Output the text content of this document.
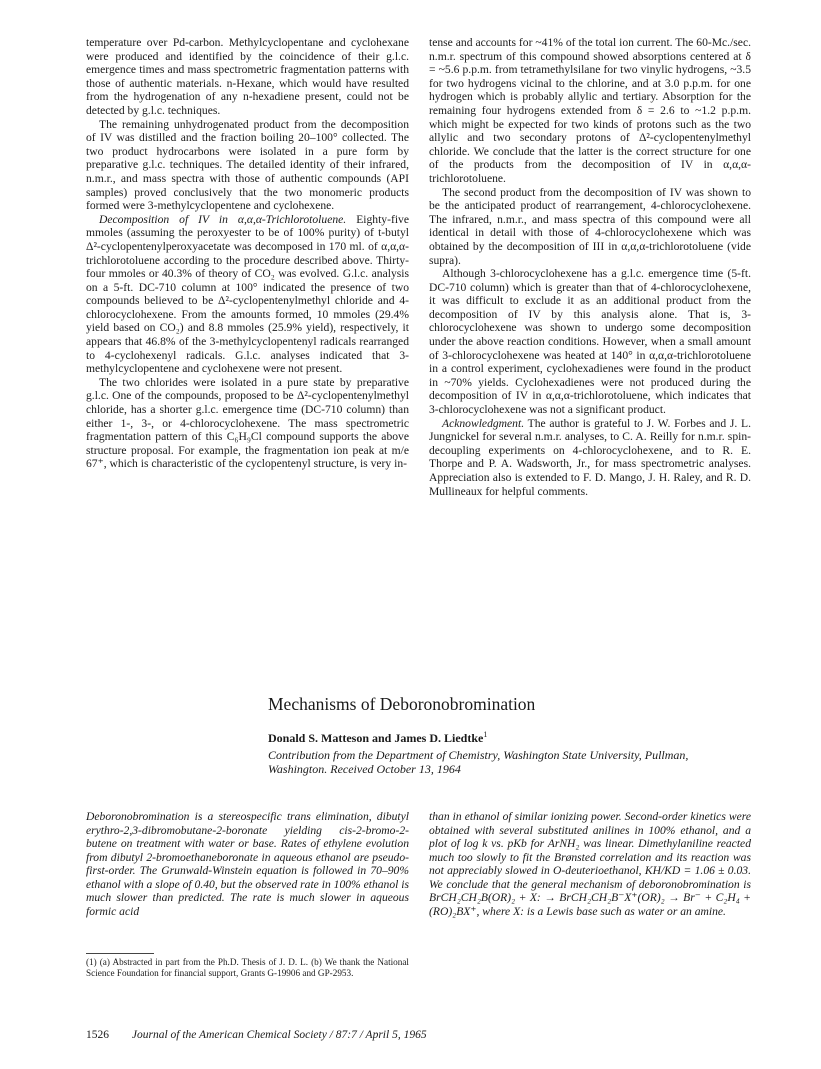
temperature over Pd-carbon. Methylcyclopentane and cyclohexane were produced and identified by the coincidence of their g.l.c. emergence times and mass spectrometric fragmentation patterns with those of authentic materials. n-Hexane, which would have resulted from the hydrogenation of any n-hexadiene present, could not be detected by g.l.c. techniques.

The remaining unhydrogenated product from the decomposition of IV was distilled and the fraction boiling 20–100° collected. The two product hydrocarbons were isolated in a pure form by preparative g.l.c. techniques. The detailed identity of their infrared, n.m.r., and mass spectra with those of authentic compounds (API samples) proved conclusively that the two monomeric products formed were 3-methylcyclopentene and cyclohexene.

Decomposition of IV in α,α,α-Trichlorotoluene. Eighty-five mmoles (assuming the peroxyester to be of 100% purity) of t-butyl Δ²-cyclopentenylperoxyacetate was decomposed in 170 ml. of α,α,α-trichlorotoluene according to the procedure described above. Thirty-four mmoles or 40.3% of theory of CO₂ was evolved. G.l.c. analysis on a 5-ft. DC-710 column at 100° indicated the presence of two compounds believed to be Δ²-cyclopentenylmethyl chloride and 4-chlorocyclohexene. From the amounts formed, 10 mmoles (29.4% yield based on CO₂) and 8.8 mmoles (25.9% yield), respectively, it appears that 46.8% of the 3-methylcyclopentenyl radicals rearranged to 4-cyclohexenyl radicals. G.l.c. analyses indicated that 3-methylcyclopentene and cyclohexene were not present.

The two chlorides were isolated in a pure state by preparative g.l.c. One of the compounds, proposed to be Δ²-cyclopentenylmethyl chloride, has a shorter g.l.c. emergence time (DC-710 column) than either 1-, 3-, or 4-chlorocyclohexene. The mass spectrometric fragmentation pattern of this C₆H₉Cl compound supports the above structure proposal. For example, the fragmentation ion peak at m/e 67⁺, which is characteristic of the cyclopentenyl structure, is very in-

tense and accounts for ~41% of the total ion current. The 60-Mc./sec. n.m.r. spectrum of this compound showed absorptions centered at δ = ~5.6 p.p.m. from tetramethylsilane for two vinylic hydrogens, ~3.5 for two hydrogens vicinal to the chlorine, and at 3.0 p.p.m. for one hydrogen which is probably allylic and tertiary. Absorption for the remaining four hydrogens extended from δ = 2.6 to ~1.2 p.p.m. which might be expected for two kinds of protons such as the two allylic and two secondary protons of Δ²-cyclopentenylmethyl chloride. We conclude that the latter is the correct structure for one of the products from the decomposition of IV in α,α,α-trichlorotoluene.

The second product from the decomposition of IV was shown to be the anticipated product of rearrangement, 4-chlorocyclohexene. The infrared, n.m.r., and mass spectra of this compound were all identical in detail with those of 4-chlorocyclohexene which was obtained by the decomposition of III in α,α,α-trichlorotoluene (vide supra).

Although 3-chlorocyclohexene has a g.l.c. emergence time (5-ft. DC-710 column) which is greater than that of 4-chlorocyclohexene, it was difficult to exclude it as an additional product from the decomposition of IV by this analysis alone. That is, 3-chlorocyclohexene was shown to undergo some decomposition under the above reaction conditions. However, when a small amount of 3-chlorocyclohexene was heated at 140° in α,α,α-trichlorotoluene in a control experiment, cyclohexadienes were found in the product in ~70% yields. Cyclohexadienes were not produced during the decomposition of IV in α,α,α-trichlorotoluene, which indicates that 3-chlorocyclohexene was not a significant product.

Acknowledgment. The author is grateful to J. W. Forbes and J. L. Jungnickel for several n.m.r. analyses, to C. A. Reilly for n.m.r. spin-decoupling experiments on 4-chlorocyclohexene, and to R. E. Thorpe and P. A. Wadsworth, Jr., for mass spectrometric analyses. Appreciation also is extended to F. D. Mango, J. H. Raley, and R. D. Mullineaux for helpful comments.

Mechanisms of Deboronobromination
Donald S. Matteson and James D. Liedtke$^1$
Contribution from the Department of Chemistry, Washington State University, Pullman, Washington. Received October 13, 1964
Deboronobromination is a stereospecific trans elimination, dibutyl erythro-2,3-dibromobutane-2-boronate yielding cis-2-bromo-2-butene on treatment with water or base. Rates of ethylene evolution from dibutyl 2-bromoethaneboronate in aqueous ethanol are pseudo-first-order. The Grunwald-Winstein equation is followed in 70–90% ethanol with a slope of 0.40, but the observed rate in 100% ethanol is much slower than predicted. The rate is much slower in aqueous formic acid
than in ethanol of similar ionizing power. Second-order kinetics were obtained with several substituted anilines in 100% ethanol, and a plot of log k vs. pKb for ArNH₂ was linear. Dimethylaniline reacted much too slowly to fit the Brønsted correlation and its reaction was not appreciably slowed in O-deuterioethanol, KH/KD = 1.06 ± 0.03. We conclude that the general mechanism of deboronobromination is BrCH₂CH₂B(OR)₂ + X: → BrCH₂CH₂B⁻X⁺(OR)₂ → Br⁻ + C₂H₄ + (RO)₂BX⁺, where X: is a Lewis base such as water or an amine.
(1) (a) Abstracted in part from the Ph.D. Thesis of J. D. L. (b) We thank the National Science Foundation for financial support, Grants G-19906 and GP-2953.
1526 Journal of the American Chemical Society / 87:7 / April 5, 1965
